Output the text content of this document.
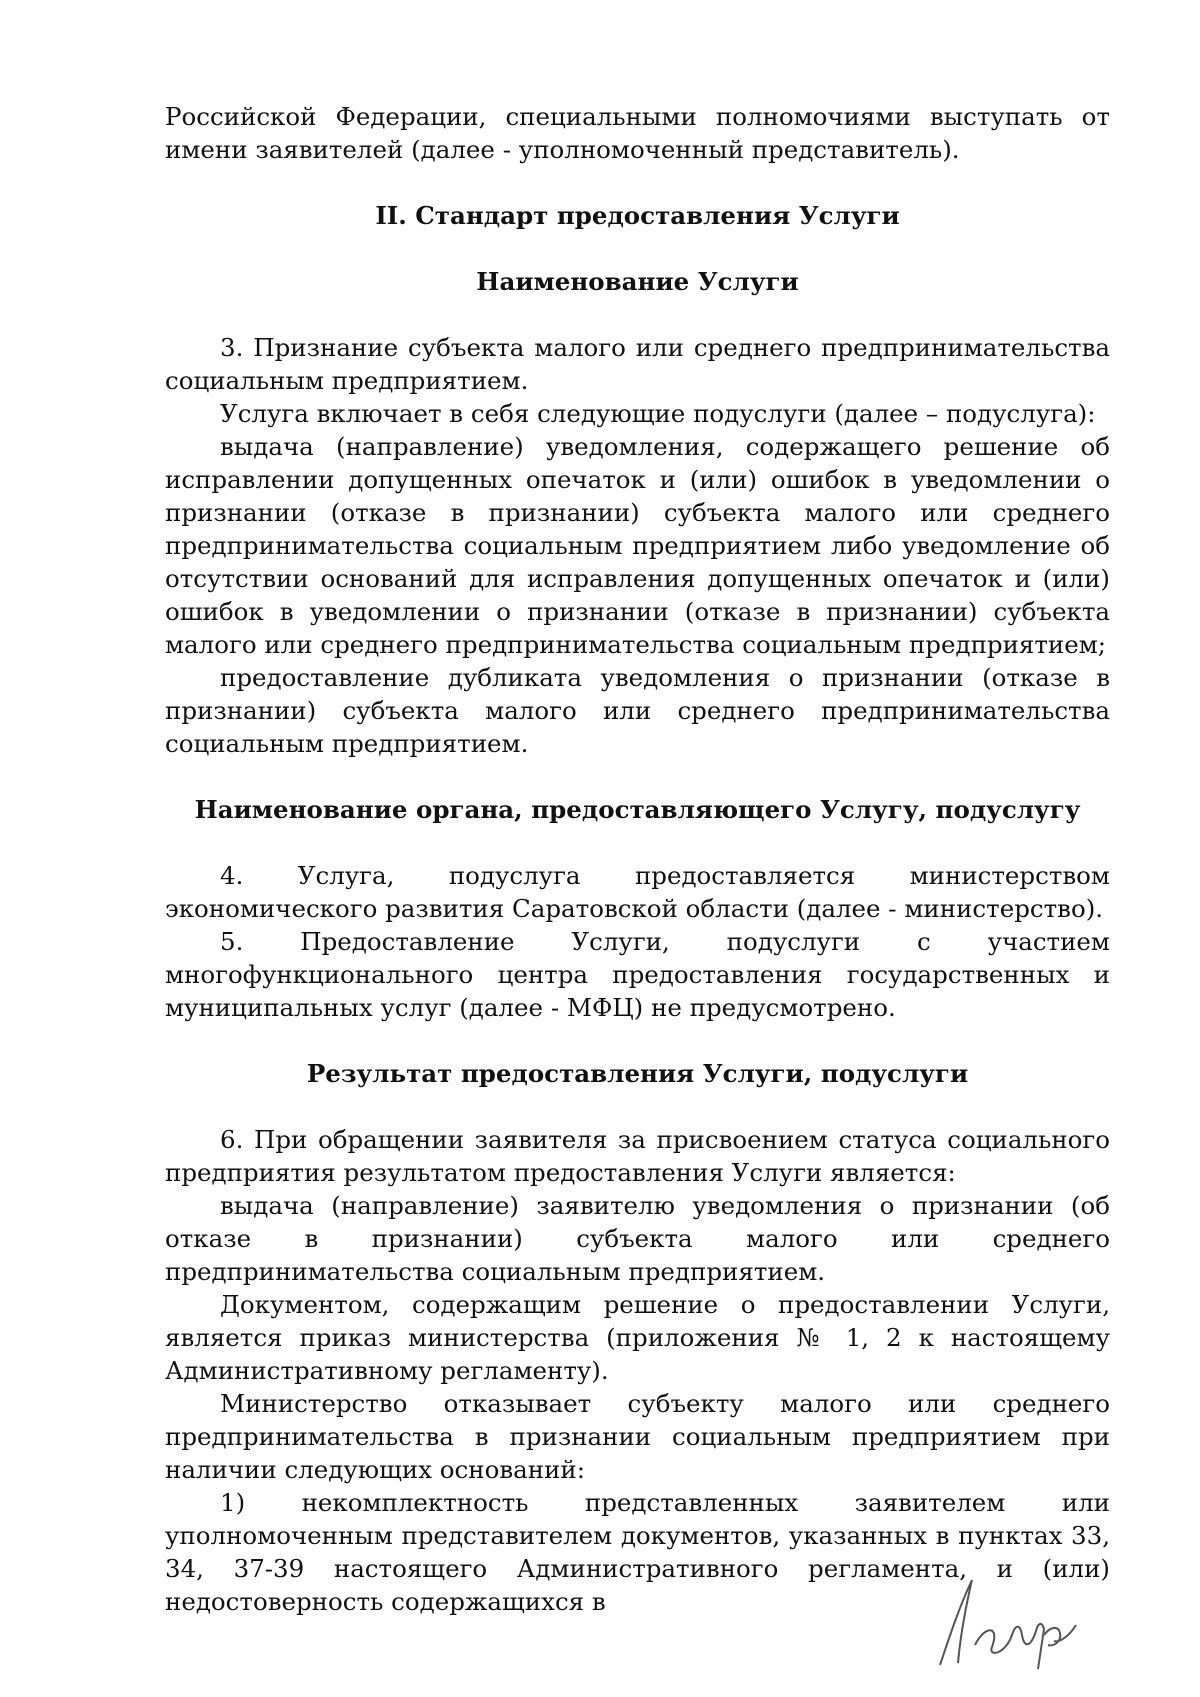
Российской Федерации, специальными полномочиями выступать от имени заявителей (далее - уполномоченный представитель).

II. Стандарт предоставления Услуги
Наименование Услуги

3. Признание субъекта малого или среднего предпринимательства социальным предприятием.

Услуга включает в себя следующие подуслуги (далее – подуслуга):

выдача (направление) уведомления, содержащего решение об исправлении допущенных опечаток и (или) ошибок в уведомлении о признании (отказе в признании) субъекта малого или среднего предпринимательства социальным предприятием либо уведомление об отсутствии оснований для исправления допущенных опечаток и (или) ошибок в уведомлении о признании (отказе в признании) субъекта малого или среднего предпринимательства социальным предприятием;

предоставление дубликата уведомления о признании (отказе в признании) субъекта малого или среднего предпринимательства социальным предприятием.

Наименование органа, предоставляющего Услугу, подуслугу

4. Услуга, подуслуга предоставляется министерством экономического развития Саратовской области (далее - министерство).

5. Предоставление Услуги, подуслуги с участием многофункционального центра предоставления государственных и муниципальных услуг (далее - МФЦ) не предусмотрено.

Результат предоставления Услуги, подуслуги

6. При обращении заявителя за присвоением статуса социального предприятия результатом предоставления Услуги является:

выдача (направление) заявителю уведомления о признании (об отказе в признании) субъекта малого или среднего предпринимательства социальным предприятием.

Документом, содержащим решение о предоставлении Услуги, является приказ министерства (приложения № 1, 2 к настоящему Административному регламенту).

Министерство отказывает субъекту малого или среднего предпринимательства в признании социальным предприятием при наличии следующих оснований:

1) некомплектность представленных заявителем или уполномоченным представителем документов, указанных в пунктах 33, 34, 37-39 настоящего Административного регламента, и (или) недостоверность содержащихся в
